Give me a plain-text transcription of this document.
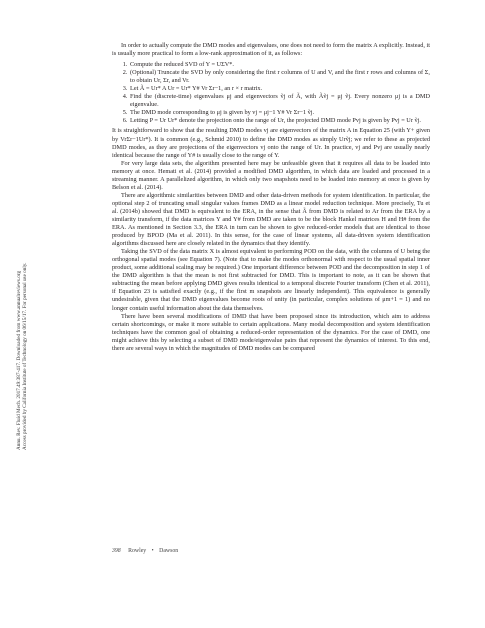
Annu. Rev. Fluid Mech. 2017.49:387-417. Downloaded from www.annualreviews.org Access provided by California Institute of Technology on 06/15/17. For personal use only.

In order to actually compute the DMD modes and eigenvalues, one does not need to form the matrix A explicitly. Instead, it is usually more practical to form a low-rank approximation of it, as follows:

1. Compute the reduced SVD of Y = UΣV*.
2. (Optional) Truncate the SVD by only considering the first r columns of U and V, and the first r rows and columns of Σ, to obtain Ur, Σr, and Vr.
3. Let Ã = Ur* A Ur = Ur* Y# Vr Σr−1, an r × r matrix.
4. Find the (discrete-time) eigenvalues μj and eigenvectors ṽj of Ã, with Ãṽj = μj ṽj. Every nonzero μj is a DMD eigenvalue.
5. The DMD mode corresponding to μj is given by vj = μj−1 Y# Vr Σr−1 ṽj.
6. Letting P = Ur Ur* denote the projection onto the range of Ur, the projected DMD mode Pvj is given by Pvj = Ur ṽj.

It is straightforward to show that the resulting DMD modes vj are eigenvectors of the matrix A in Equation 25 (with Y+ given by VrΣr−1Ur*). It is common (e.g., Schmid 2010) to define the DMD modes as simply Urṽj; we refer to these as projected DMD modes, as they are projections of the eigenvectors vj onto the range of Ur. In practice, vj and Pvj are usually nearly identical because the range of Y# is usually close to the range of Y.

For very large data sets, the algorithm presented here may be unfeasible given that it requires all data to be loaded into memory at once. Hemati et al. (2014) provided a modified DMD algorithm, in which data are loaded and processed in a streaming manner. A parallelized algorithm, in which only two snapshots need to be loaded into memory at once is given by Belson et al. (2014).

There are algorithmic similarities between DMD and other data-driven methods for system identification. In particular, the optional step 2 of truncating small singular values frames DMD as a linear model reduction technique. More precisely, Tu et al. (2014b) showed that DMD is equivalent to the ERA, in the sense that Ã from DMD is related to Ar from the ERA by a similarity transform, if the data matrices Y and Y# from DMD are taken to be the block Hankel matrices H and H# from the ERA. As mentioned in Section 3.3, the ERA in turn can be shown to give reduced-order models that are identical to those produced by BPOD (Ma et al. 2011). In this sense, for the case of linear systems, all data-driven system identification algorithms discussed here are closely related in the dynamics that they identify.

Taking the SVD of the data matrix X is almost equivalent to performing POD on the data, with the columns of U being the orthogonal spatial modes (see Equation 7). (Note that to make the modes orthonormal with respect to the usual spatial inner product, some additional scaling may be required.) One important difference between POD and the decomposition in step 1 of the DMD algorithm is that the mean is not first subtracted for DMD. This is important to note, as it can be shown that subtracting the mean before applying DMD gives results identical to a temporal discrete Fourier transform (Chen et al. 2011), if Equation 23 is satisfied exactly (e.g., if the first m snapshots are linearly independent). This equivalence is generally undesirable, given that the DMD eigenvalues become roots of unity (in particular, complex solutions of μm+1 = 1) and no longer contain useful information about the data themselves.

There have been several modifications of DMD that have been proposed since its introduction, which aim to address certain shortcomings, or make it more suitable to certain applications. Many modal decomposition and system identification techniques have the common goal of obtaining a reduced-order representation of the dynamics. For the case of DMD, one might achieve this by selecting a subset of DMD mode/eigenvalue pairs that represent the dynamics of interest. To this end, there are several ways in which the magnitudes of DMD modes can be compared

398 Rowley • Dawson
